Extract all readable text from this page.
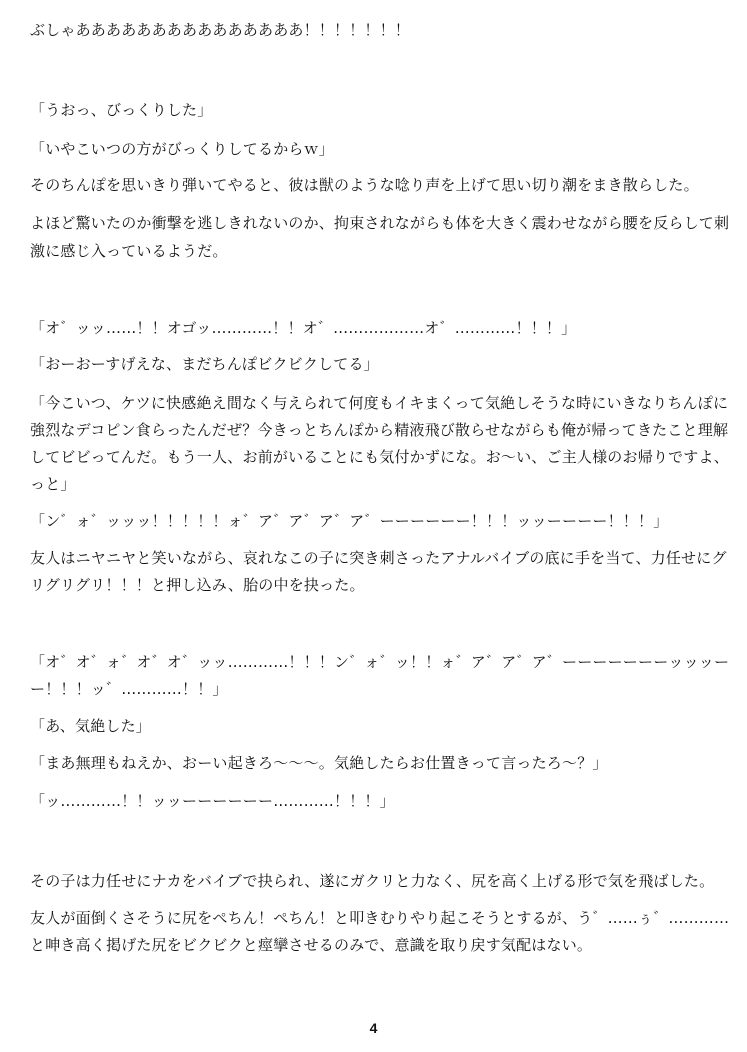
ぶしゃあああああああああああああああ！！！！！！！
「うおっ、びっくりした」
「いやこいつの方がびっくりしてるからｗ」
そのちんぽを思いきり弾いてやると、彼は獣のような唸り声を上げて思い切り潮をまき散らした。
よほど驚いたのか衝撃を逃しきれないのか、拘束されながらも体を大きく震わせながら腰を反らして刺
激に感じ入っているようだ。
「オ゛ッッ……！！オゴッ…………！！オ゛………………オ゛…………！！！」
「おーおーすげえな、まだちんぽビクビクしてる」
「今こいつ、ケツに快感絶え間なく与えられて何度もイキまくって気絶しそうな時にいきなりちんぽに
強烈なデコピン食らったんだぜ？今きっとちんぽから精液飛び散らせながらも俺が帰ってきたこと理解
してビビってんだ。もう一人、お前がいることにも気付かずにな。お～い、ご主人様のお帰りですよ、
っと」
「ン゛ォ゛ッッッ！！！！！ォ゛ア゛ア゛ア゛ア゛ーーーーーー！！！ッッーーーー！！！」
友人はニヤニヤと笑いながら、哀れなこの子に突き刺さったアナルバイブの底に手を当て、力任せにグ
リグリグリ！！！と押し込み、胎の中を抉った。
「オ゛オ゛ォ゛オ゛オ゛ッッ…………！！！ン゛ォ゛ッ！！ォ゛ア゛ア゛ア゛ーーーーーーーッッッー
ー！！！ッ゛…………！！」
「あ、気絶した」
「まあ無理もねえか、おーい起きろ～～～。気絶したらお仕置きって言ったろ～？」
「ッ…………！！ッッーーーーーー…………！！！」
その子は力任せにナカをバイブで抉られ、遂にガクリと力なく、尻を高く上げる形で気を飛ばした。
友人が面倒くさそうに尻をぺちん！ぺちん！と叩きむりやり起こそうとするが、う゛……ぅ゛…………
と呻き高く掲げた尻をビクビクと痙攣させるのみで、意識を取り戻す気配はない。
4
